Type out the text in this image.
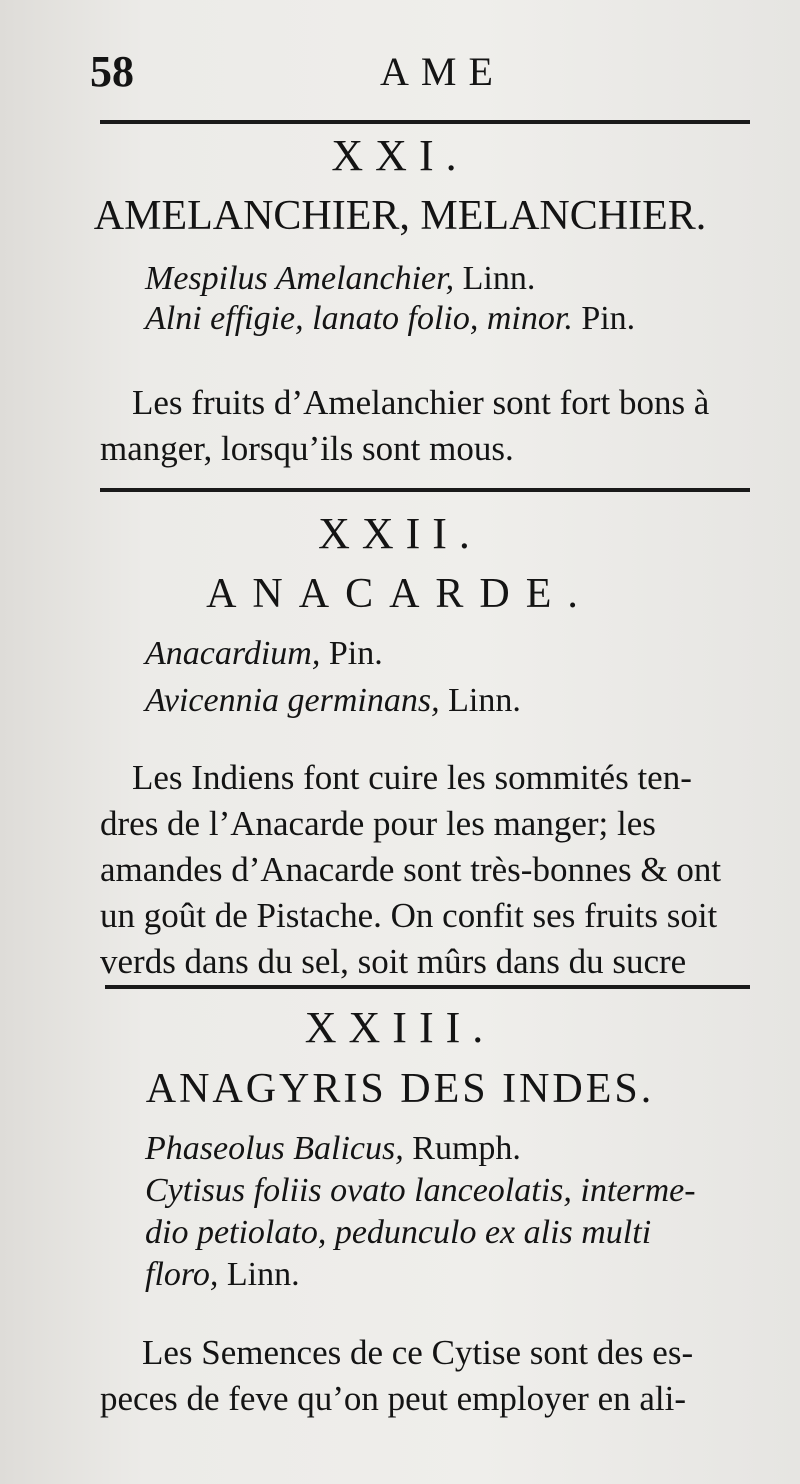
58	AME
XXI.
AMELANCHIER, MELANCHIER.
Mespilus Amelanchier, Linn.
Alni effigie, lanato folio, minor. Pin.
Les fruits d’Amelanchier sont fort bons à
manger, lorsqu’ils sont mous.
XXII.
ANACARDE.
Anacardium, Pin.
Avicennia germinans, Linn.
Les Indiens font cuire les sommités ten-
dres de l’Anacarde pour les manger; les
amandes d’Anacarde sont très-bonnes & ont
un goût de Pistache. On confit ses fruits soit
verds dans du sel, soit mûrs dans du sucre
XXIII.
ANAGYRIS DES INDES.
Phaseolus Balicus, Rumph.
Cytisus foliis ovato lanceolatis, interme-
dio petiolato, pedunculo ex alis multi
floro, Linn.
Les Semences de ce Cytise sont des es-
peces de feve qu’on peut employer en ali-
